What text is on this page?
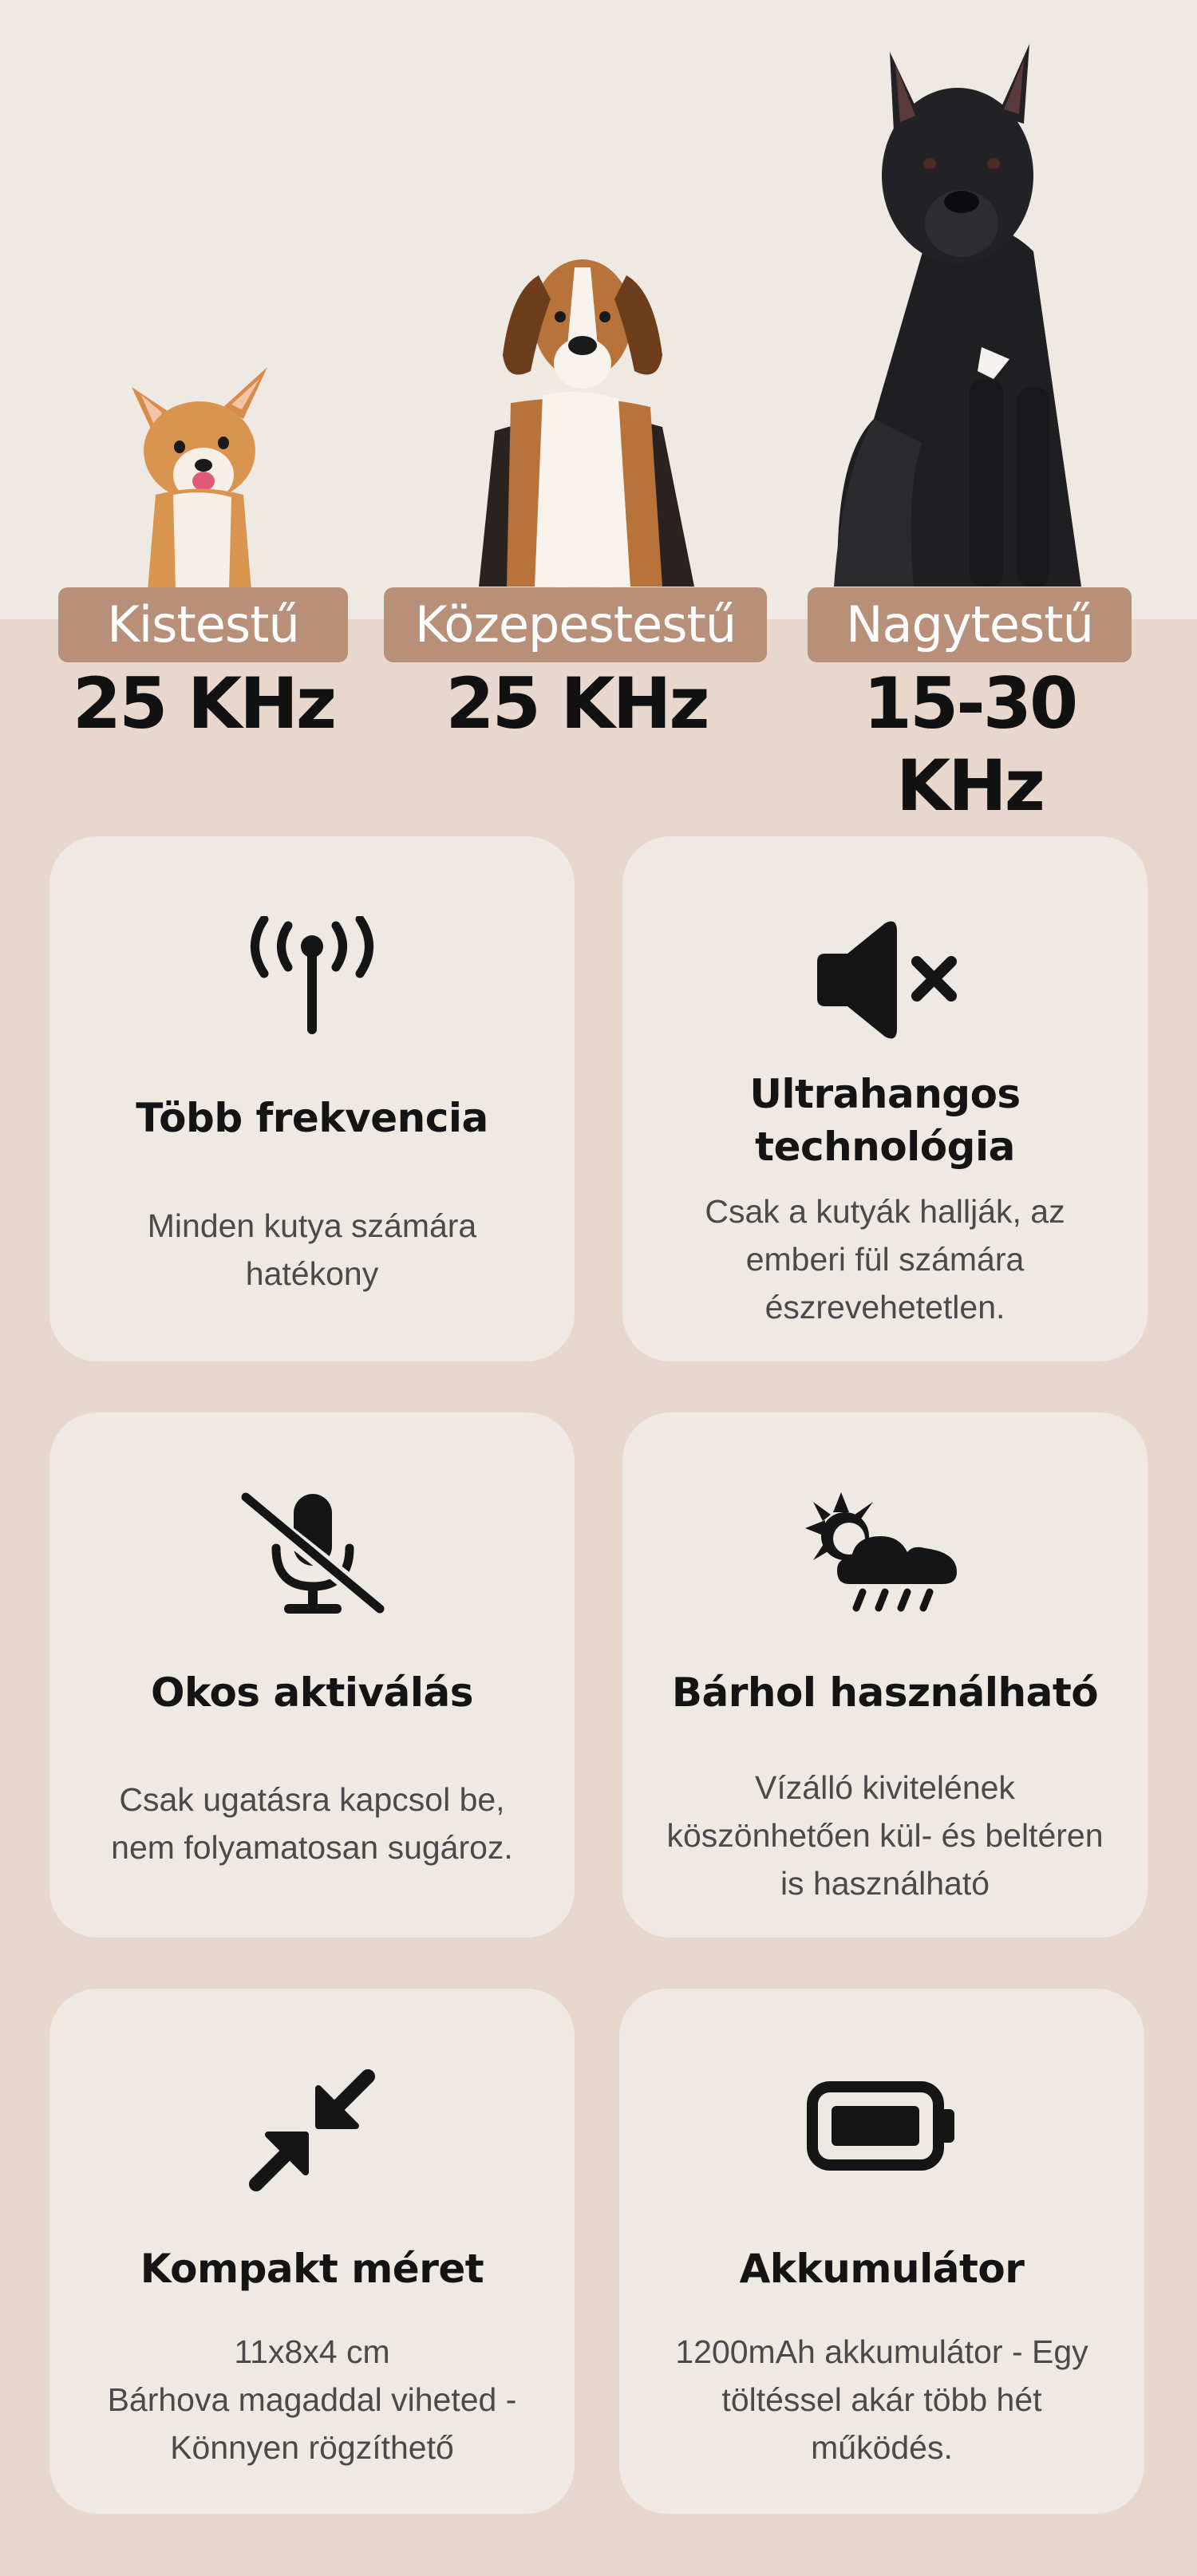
Kistestű	Közepestestű	Nagytestű
25 KHz	25 KHz	15-30 KHz
Több frekvencia
Minden kutya számára
hatékony
Ultrahangos
technológia
Csak a kutyák hallják, az
emberi fül számára
észrevehetetlen.
Okos aktiválás
Csak ugatásra kapcsol be,
nem folyamatosan sugároz.
Bárhol használható
Vízálló kivitelének
köszönhetően kül- és beltéren
is használható
Kompakt méret
11x8x4 cm
Bárhova magaddal viheted -
Könnyen rögzíthető
Akkumulátor
1200mAh akkumulátor - Egy
töltéssel akár több hét
működés.
